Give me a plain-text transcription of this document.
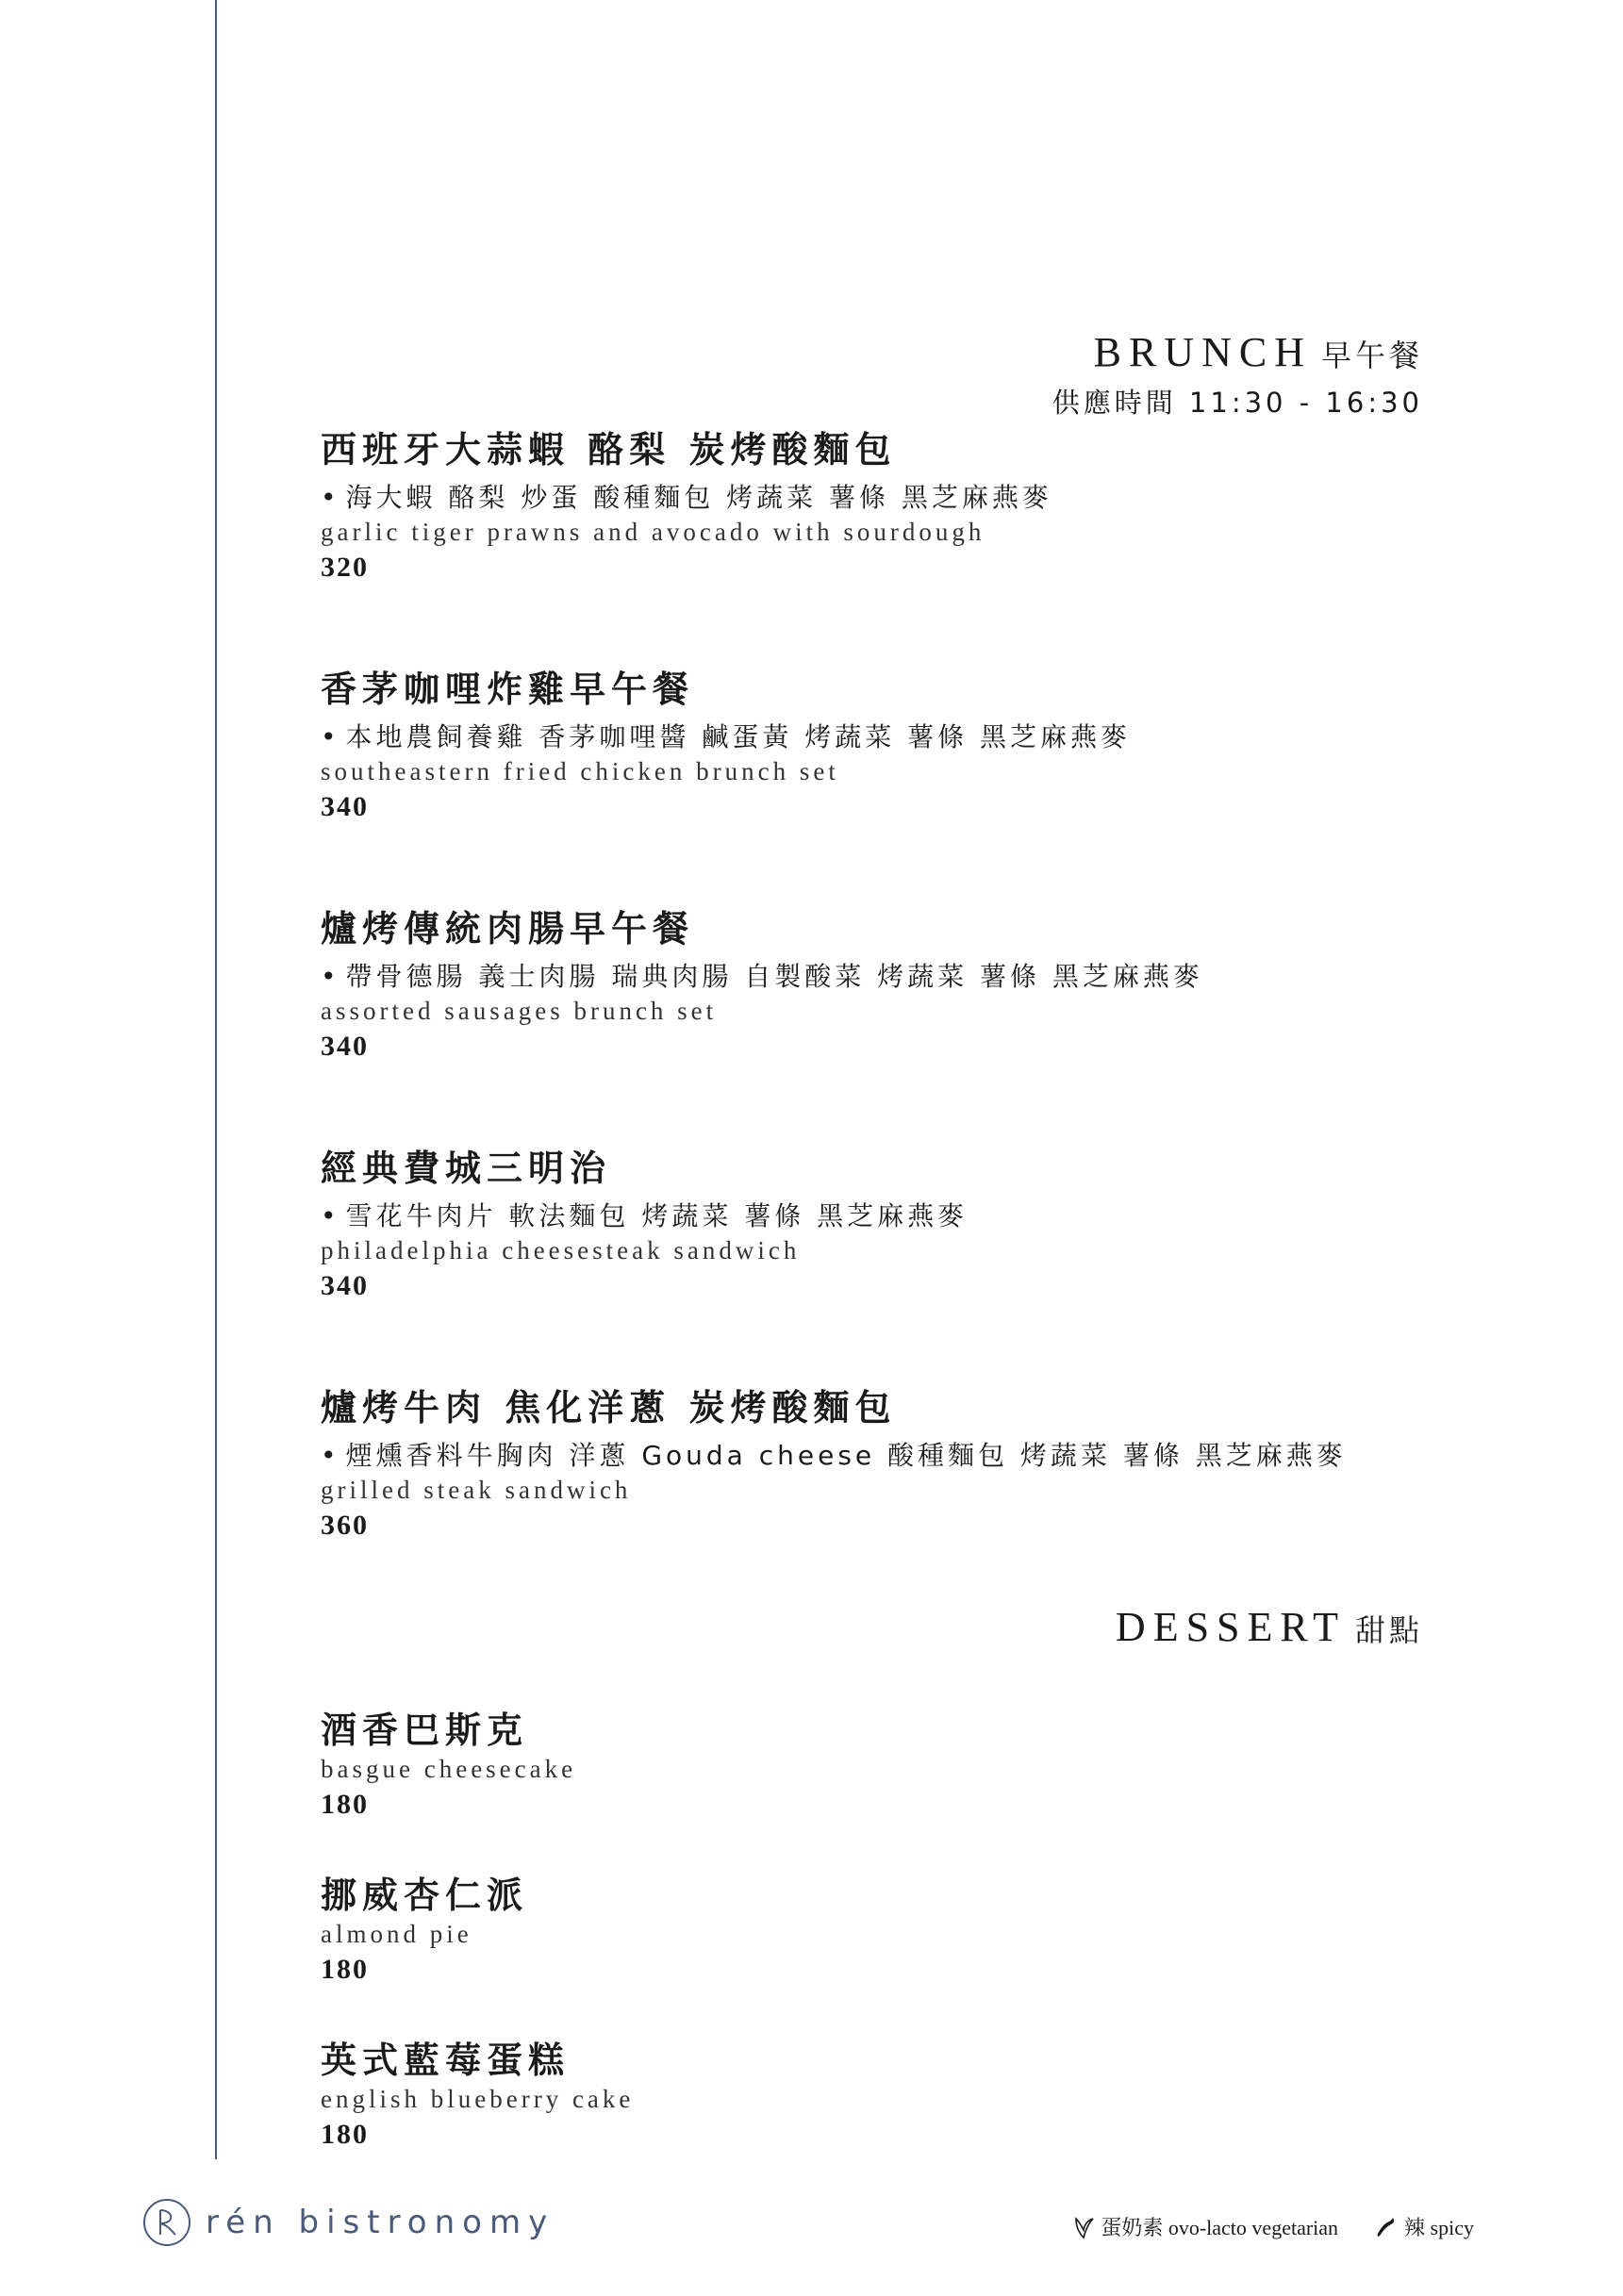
BRUNCH 早午餐
供應時間 11:30 - 16:30
西班牙大蒜蝦 酪梨 炭烤酸麵包
• 海大蝦 酪梨 炒蛋 酸種麵包 烤蔬菜 薯條 黑芝麻燕麥
garlic tiger prawns and avocado with sourdough
320
香茅咖哩炸雞早午餐
• 本地農飼養雞 香茅咖哩醬 鹹蛋黃 烤蔬菜 薯條 黑芝麻燕麥
southeastern fried chicken brunch set
340
爐烤傳統肉腸早午餐
• 帶骨德腸 義士肉腸 瑞典肉腸 自製酸菜 烤蔬菜 薯條 黑芝麻燕麥
assorted sausages brunch set
340
經典費城三明治
• 雪花牛肉片 軟法麵包 烤蔬菜 薯條 黑芝麻燕麥
philadelphia cheesesteak sandwich
340
爐烤牛肉 焦化洋蔥 炭烤酸麵包
• 煙燻香料牛胸肉 洋蔥 Gouda cheese 酸種麵包 烤蔬菜 薯條 黑芝麻燕麥
grilled steak sandwich
360
DESSERT 甜點
酒香巴斯克
basgue cheesecake
180
挪威杏仁派
almond pie
180
英式藍莓蛋糕
english blueberry cake
180
rén bistronomy	蛋奶素 ovo-lacto vegetarian	辣 spicy
